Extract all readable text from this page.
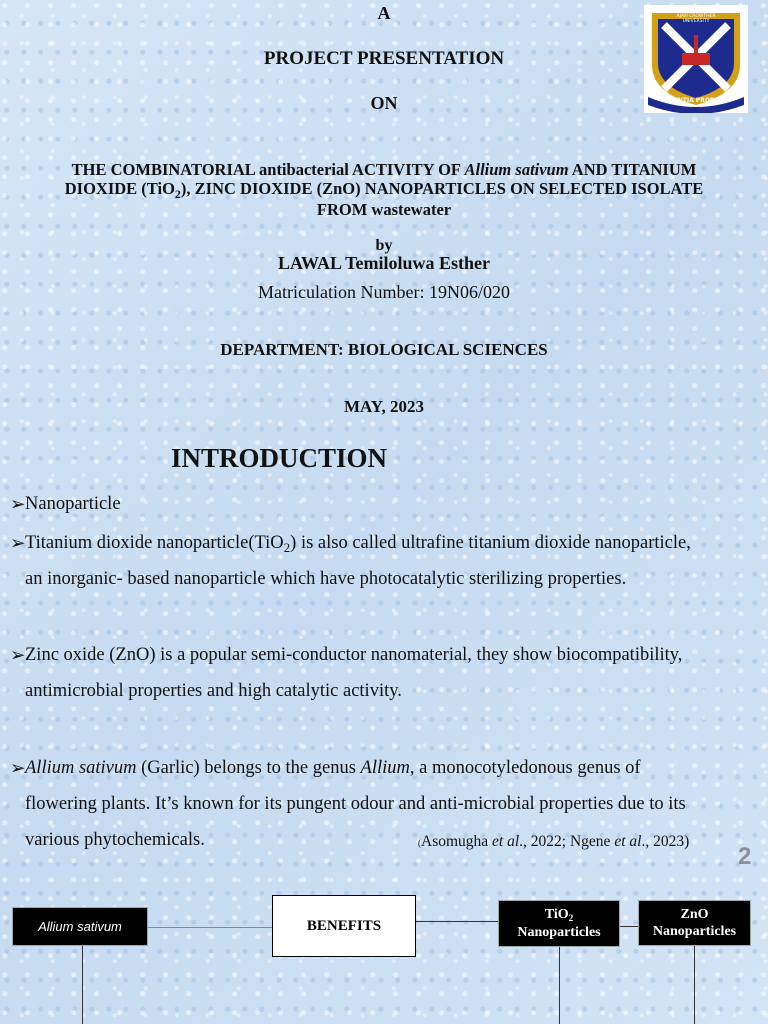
AJAYI CROWTHER UNIVERSITY
SCIENTIA PROBITAS
A
PROJECT PRESENTATION
ON
THE COMBINATORIAL antibacterial ACTIVITY OF Allium sativum AND TITANIUM
DIOXIDE (TiO$_2$), ZINC DIOXIDE (ZnO) NANOPARTICLES ON SELECTED ISOLATE
FROM wastewater
by
LAWAL Temiloluwa Esther
Matriculation Number: 19N06/020
DEPARTMENT: BIOLOGICAL SCIENCES
MAY, 2023
INTRODUCTION
➢ Nanoparticle
➢ Titanium dioxide nanoparticle(TiO$_2$) is also called ultrafine titanium dioxide nanoparticle,
an inorganic- based nanoparticle which have photocatalytic sterilizing properties.
➢ Zinc oxide (ZnO) is a popular semi-conductor nanomaterial, they show biocompatibility,
antimicrobial properties and high catalytic activity.
➢ Allium sativum (Garlic) belongs to the genus Allium, a monocotyledonous genus of
flowering plants. It’s known for its pungent odour and anti-microbial properties due to its
various phytochemicals.	(Asomugha et al., 2022; Ngene et al., 2023)
2
Allium sativum	BENEFITS
TiO$_2$
Nanoparticles
ZnO
Nanoparticles
